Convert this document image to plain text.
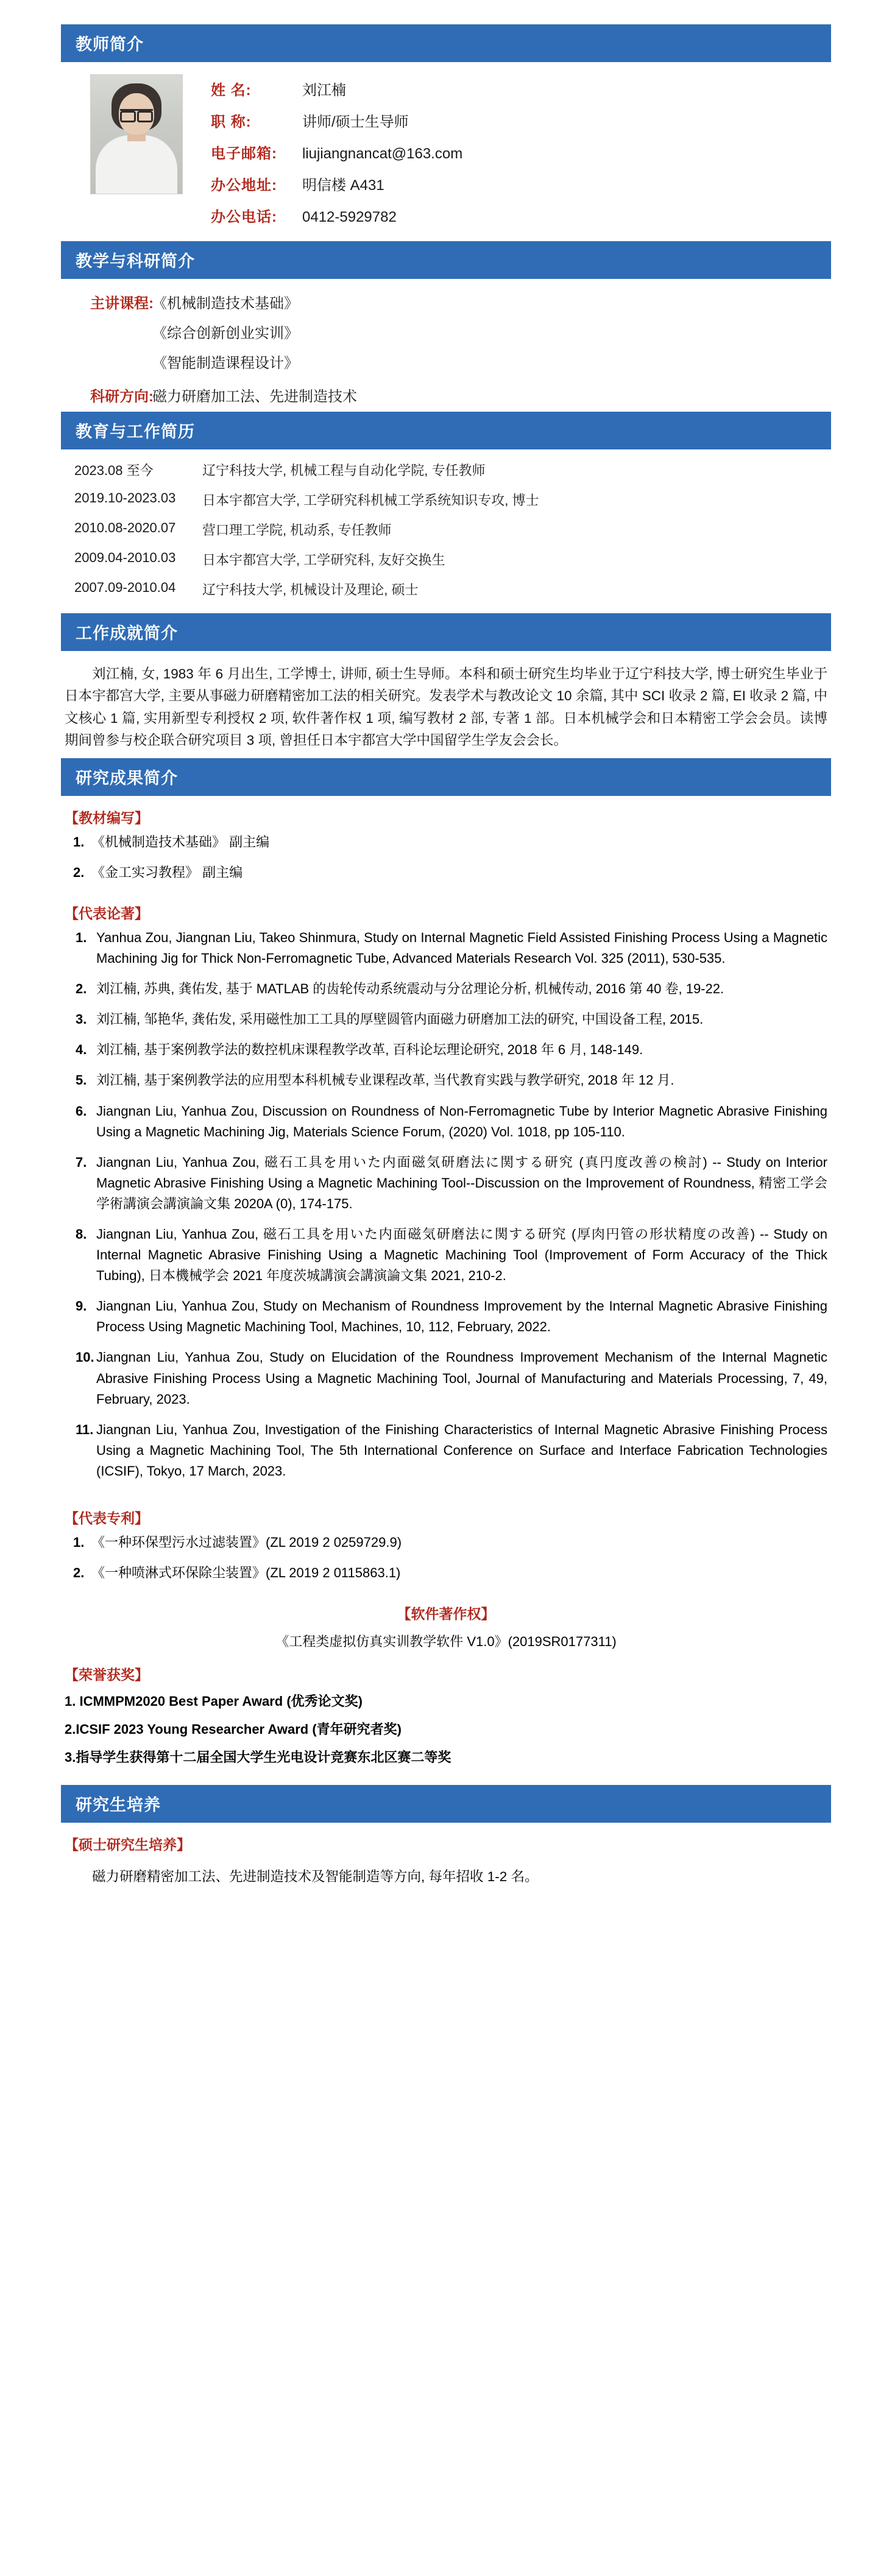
教师简介
姓 名:	刘江楠
职 称:	讲师/硕士生导师
电子邮箱:	liujiangnancat@163.com
办公地址:	明信楼 A431
办公电话:	0412-5929782
教学与科研简介
主讲课程:
《机械制造技术基础》
《综合创新创业实训》
《智能制造课程设计》
科研方向:
磁力研磨加工法、先进制造技术
教育与工作简历
2023.08 至今	辽宁科技大学, 机械工程与自动化学院, 专任教师
2019.10-2023.03	日本宇都宫大学, 工学研究科机械工学系统知识专攻, 博士
2010.08-2020.07	营口理工学院, 机动系, 专任教师
2009.04-2010.03	日本宇都宫大学, 工学研究科, 友好交换生
2007.09-2010.04	辽宁科技大学, 机械设计及理论, 硕士
工作成就简介
刘江楠, 女, 1983 年 6 月出生, 工学博士, 讲师, 硕士生导师。本科和硕士研究生均毕业于辽宁科技大学, 博士研究生毕业于日本宇都宫大学, 主要从事磁力研磨精密加工法的相关研究。发表学术与教改论文 10 余篇, 其中 SCI 收录 2 篇, EI 收录 2 篇, 中文核心 1 篇, 实用新型专利授权 2 项, 软件著作权 1 项, 编写教材 2 部, 专著 1 部。日本机械学会和日本精密工学会会员。读博期间曾参与校企联合研究项目 3 项, 曾担任日本宇都宫大学中国留学生学友会会长。
研究成果简介
【教材编写】
1. 《机械制造技术基础》 副主编
2. 《金工实习教程》 副主编
【代表论著】
1. Yanhua Zou, Jiangnan Liu, Takeo Shinmura, Study on Internal Magnetic Field Assisted Finishing Process Using a Magnetic Machining Jig for Thick Non-Ferromagnetic Tube, Advanced Materials Research Vol. 325 (2011), 530-535.
2. 刘江楠, 苏典, 龚佑发, 基于 MATLAB 的齿轮传动系统震动与分岔理论分析, 机械传动, 2016 第 40 卷, 19-22.
3. 刘江楠, 邹艳华, 龚佑发, 采用磁性加工工具的厚壁圆管内面磁力研磨加工法的研究, 中国设备工程, 2015.
4. 刘江楠, 基于案例教学法的数控机床课程教学改革, 百科论坛理论研究, 2018 年 6 月, 148-149.
5. 刘江楠, 基于案例教学法的应用型本科机械专业课程改革, 当代教育实践与教学研究, 2018 年 12 月.
6. Jiangnan Liu, Yanhua Zou, Discussion on Roundness of Non-Ferromagnetic Tube by Interior Magnetic Abrasive Finishing Using a Magnetic Machining Jig, Materials Science Forum, (2020) Vol. 1018, pp 105-110.
7. Jiangnan Liu, Yanhua Zou, 磁石工具を用いた内面磁気研磨法に関する研究 (真円度改善の検討) -- Study on Interior Magnetic Abrasive Finishing Using a Magnetic Machining Tool--Discussion on the Improvement of Roundness, 精密工学会学術講演会講演論文集 2020A (0), 174-175.
8. Jiangnan Liu, Yanhua Zou, 磁石工具を用いた内面磁気研磨法に関する研究 (厚肉円管の形状精度の改善) -- Study on Internal Magnetic Abrasive Finishing Using a Magnetic Machining Tool (Improvement of Form Accuracy of the Thick Tubing), 日本機械学会 2021 年度茨城講演会講演論文集 2021, 210-2.
9. Jiangnan Liu, Yanhua Zou, Study on Mechanism of Roundness Improvement by the Internal Magnetic Abrasive Finishing Process Using Magnetic Machining Tool, Machines, 10, 112, February, 2022.
10. Jiangnan Liu, Yanhua Zou, Study on Elucidation of the Roundness Improvement Mechanism of the Internal Magnetic Abrasive Finishing Process Using a Magnetic Machining Tool, Journal of Manufacturing and Materials Processing, 7, 49, February, 2023.
11. Jiangnan Liu, Yanhua Zou, Investigation of the Finishing Characteristics of Internal Magnetic Abrasive Finishing Process Using a Magnetic Machining Tool, The 5th International Conference on Surface and Interface Fabrication Technologies (ICSIF), Tokyo, 17 March, 2023.
【代表专利】
1. 《一种环保型污水过滤装置》(ZL 2019 2 0259729.9)
2. 《一种喷淋式环保除尘装置》(ZL 2019 2 0115863.1)
【软件著作权】
《工程类虚拟仿真实训教学软件 V1.0》(2019SR0177311)
【荣誉获奖】
1. ICMMPM2020 Best Paper Award (优秀论文奖)
2.ICSIF 2023 Young Researcher Award (青年研究者奖)
3.指导学生获得第十二届全国大学生光电设计竞赛东北区赛二等奖
研究生培养
【硕士研究生培养】
磁力研磨精密加工法、先进制造技术及智能制造等方向, 每年招收 1-2 名。
